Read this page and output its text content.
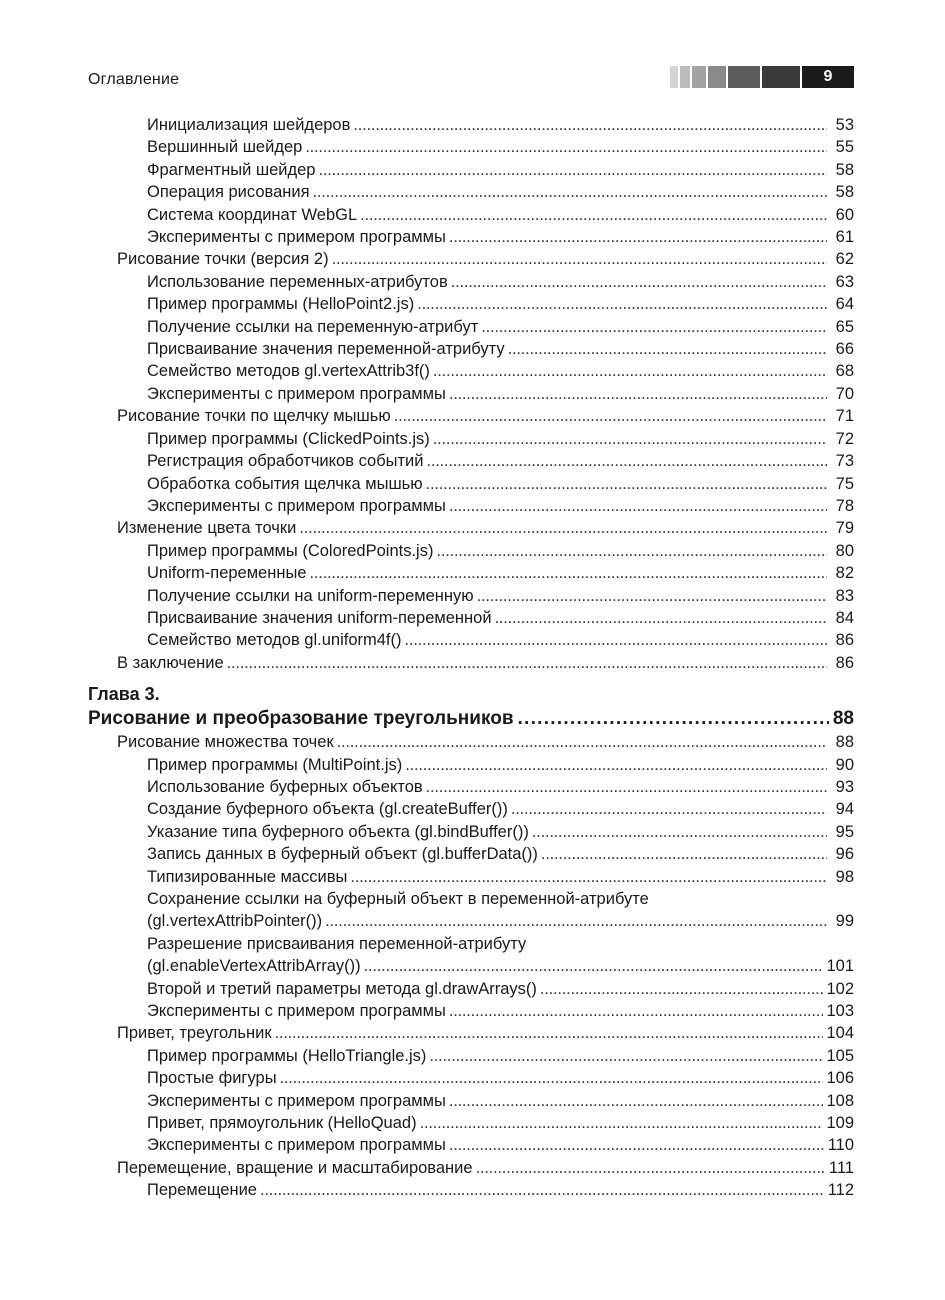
Оглавление	9
Инициализация шейдеров . . .	53
Вершинный шейдер . . .	55
Фрагментный шейдер . . .	58
Операция рисования . . .	58
Система координат WebGL . . .	60
Эксперименты с примером программы . . .	61
Рисование точки (версия 2) . . .	62
Использование переменных-атрибутов . . .	63
Пример программы (HelloPoint2.js) . . .	64
Получение ссылки на переменную-атрибут . . .	65
Присваивание значения переменной-атрибуту . . .	66
Семейство методов gl.vertexAttrib3f() . . .	68
Эксперименты с примером программы . . .	70
Рисование точки по щелчку мышью . . .	71
Пример программы (ClickedPoints.js) . . .	72
Регистрация обработчиков событий . . .	73
Обработка события щелчка мышью . . .	75
Эксперименты с примером программы . . .	78
Изменение цвета точки . . .	79
Пример программы (ColoredPoints.js) . . .	80
Uniform-переменные . . .	82
Получение ссылки на uniform-переменную . . .	83
Присваивание значения uniform-переменной . . .	84
Семейство методов gl.uniform4f() . . .	86
В заключение . . .	86
Глава 3.
Рисование и преобразование треугольников . . .	88
Рисование множества точек . . .	88
Пример программы (MultiPoint.js) . . .	90
Использование буферных объектов . . .	93
Создание буферного объекта (gl.createBuffer()) . . .	94
Указание типа буферного объекта (gl.bindBuffer()) . . .	95
Запись данных в буферный объект (gl.bufferData()) . . .	96
Типизированные массивы . . .	98
Сохранение ссылки на буферный объект в переменной-атрибуте
(gl.vertexAttribPointer()) . . .	99
Разрешение присваивания переменной-атрибуту
(gl.enableVertexAttribArray()) . . .	101
Второй и третий параметры метода gl.drawArrays() . . .	102
Эксперименты с примером программы . . .	103
Привет, треугольник . . .	104
Пример программы (HelloTriangle.js) . . .	105
Простые фигуры . . .	106
Эксперименты с примером программы . . .	108
Привет, прямоугольник (HelloQuad) . . .	109
Эксперименты с примером программы . . .	110
Перемещение, вращение и масштабирование . . .	111
Перемещение . . .	112
